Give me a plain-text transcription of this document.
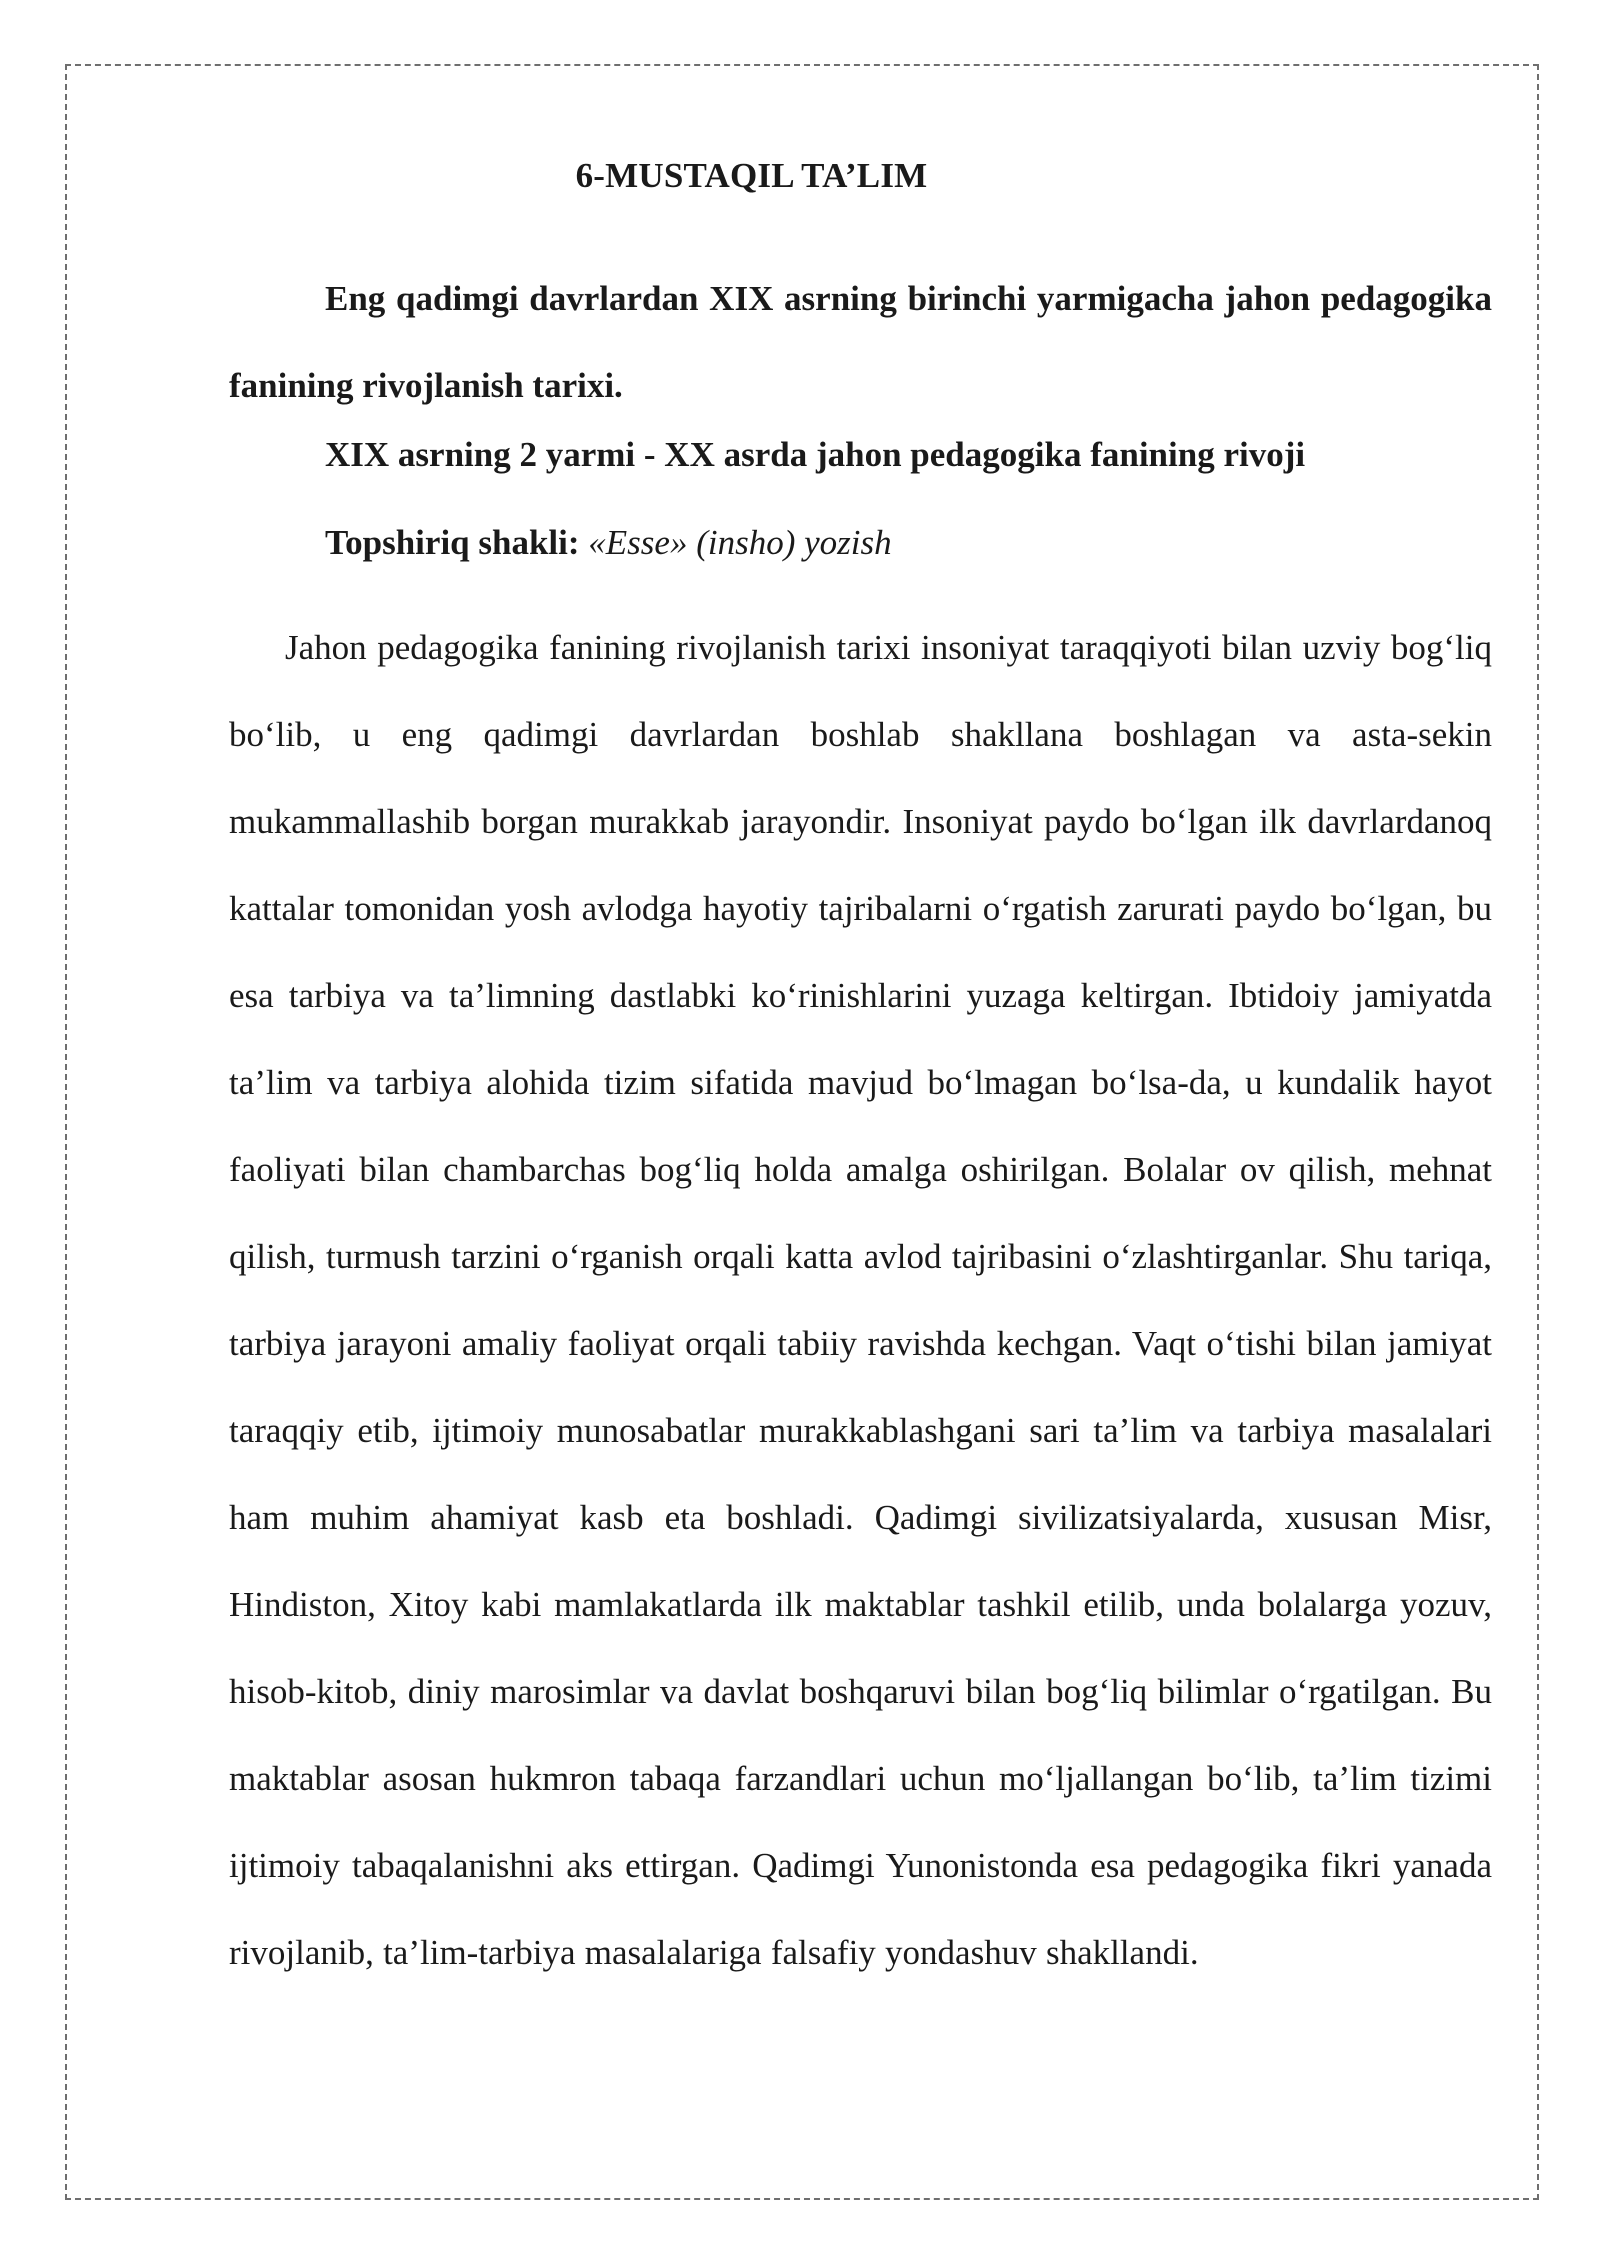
6-MUSTAQIL TA’LIM

Eng qadimgi davrlardan XIX asrning birinchi yarmigacha jahon pedagogika fanining rivojlanish tarixi.

XIX asrning 2 yarmi - XX asrda jahon pedagogika fanining rivoji

Topshiriq shakli: «Esse» (insho) yozish

Jahon pedagogika fanining rivojlanish tarixi insoniyat taraqqiyoti bilan uzviy bog‘liq bo‘lib, u eng qadimgi davrlardan boshlab shakllana boshlagan va asta-sekin mukammallashib borgan murakkab jarayondir. Insoniyat paydo bo‘lgan ilk davrlardanoq kattalar tomonidan yosh avlodga hayotiy tajribalarni o‘rgatish zarurati paydo bo‘lgan, bu esa tarbiya va ta’limning dastlabki ko‘rinishlarini yuzaga keltirgan. Ibtidoiy jamiyatda ta’lim va tarbiya alohida tizim sifatida mavjud bo‘lmagan bo‘lsa-da, u kundalik hayot faoliyati bilan chambarchas bog‘liq holda amalga oshirilgan. Bolalar ov qilish, mehnat qilish, turmush tarzini o‘rganish orqali katta avlod tajribasini o‘zlashtirganlar. Shu tariqa, tarbiya jarayoni amaliy faoliyat orqali tabiiy ravishda kechgan. Vaqt o‘tishi bilan jamiyat taraqqiy etib, ijtimoiy munosabatlar murakkablashgani sari ta’lim va tarbiya masalalari ham muhim ahamiyat kasb eta boshladi. Qadimgi sivilizatsiyalarda, xususan Misr, Hindiston, Xitoy kabi mamlakatlarda ilk maktablar tashkil etilib, unda bolalarga yozuv, hisob-kitob, diniy marosimlar va davlat boshqaruvi bilan bog‘liq bilimlar o‘rgatilgan. Bu maktablar asosan hukmron tabaqa farzandlari uchun mo‘ljallangan bo‘lib, ta’lim tizimi ijtimoiy tabaqalanishni aks ettirgan. Qadimgi Yunonistonda esa pedagogika fikri yanada rivojlanib, ta’lim-tarbiya masalalariga falsafiy yondashuv shakllandi.
